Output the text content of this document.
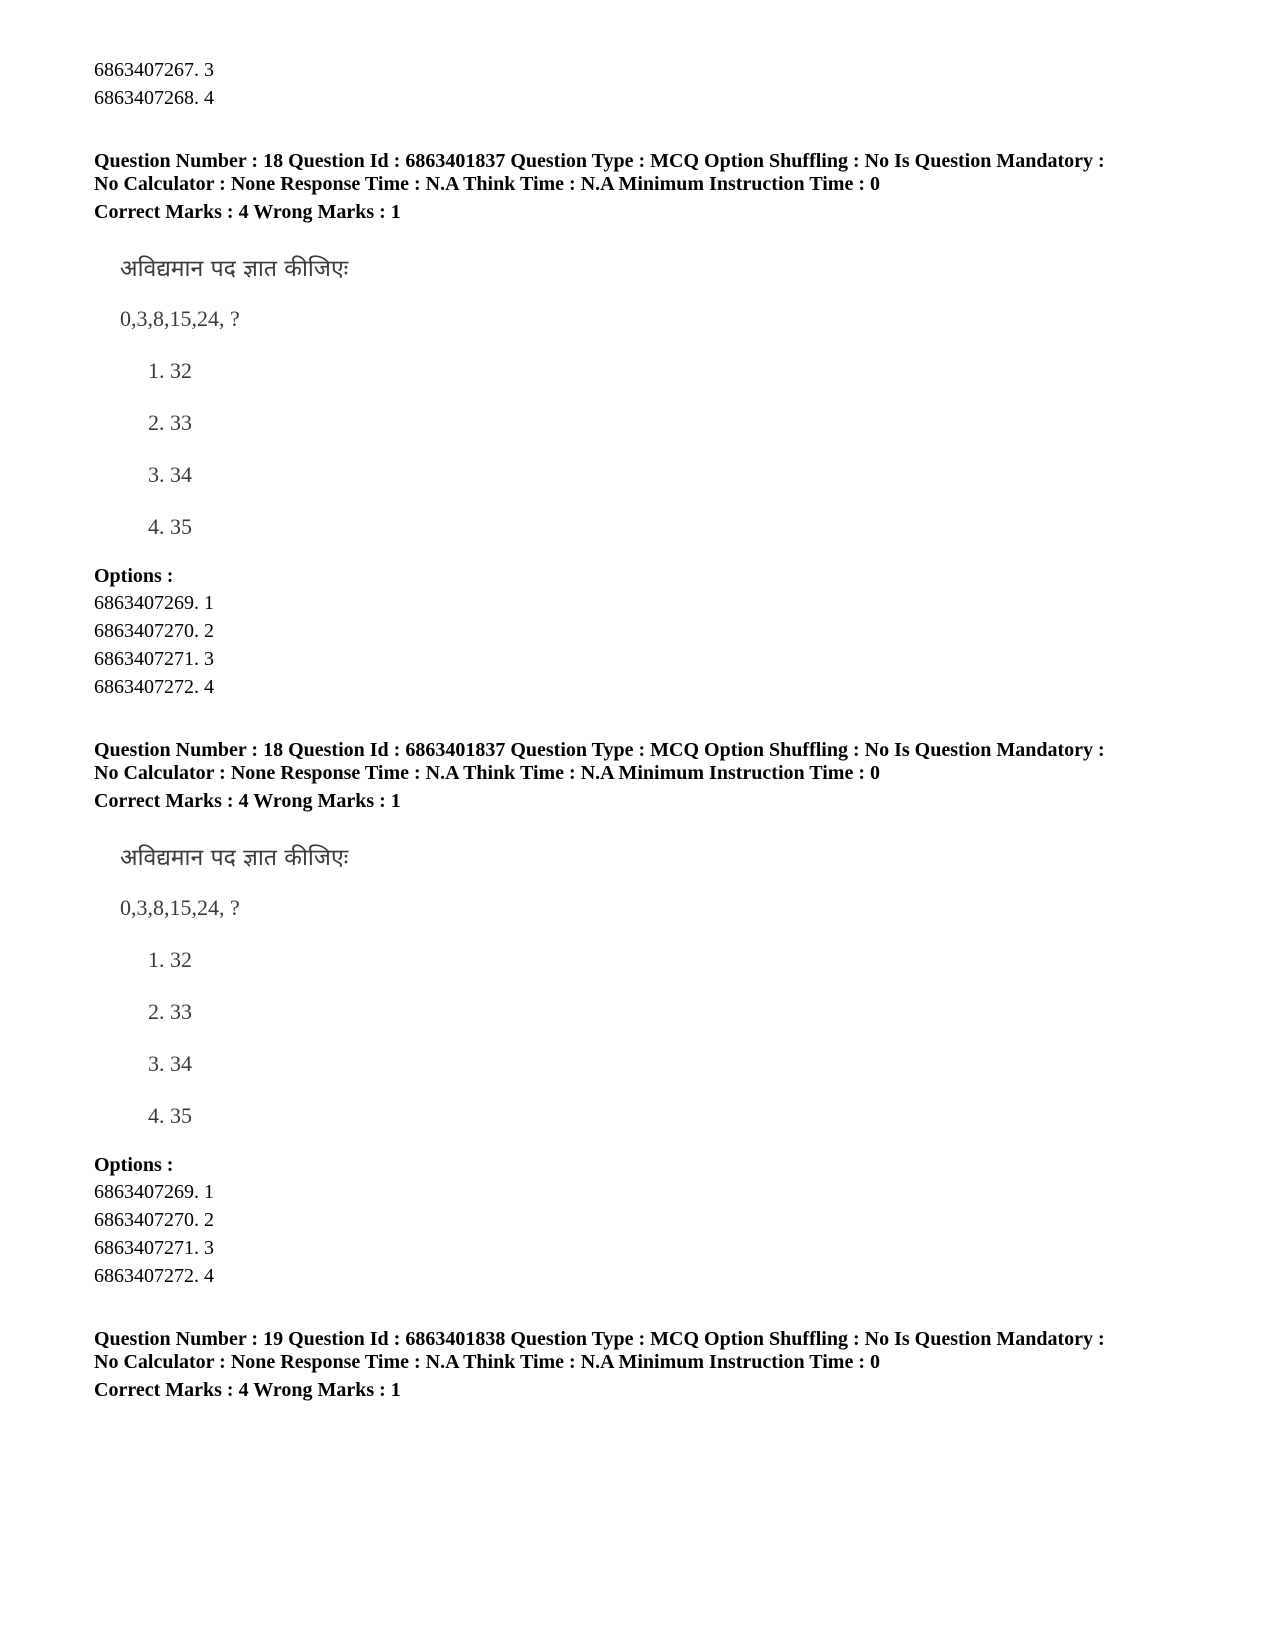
6863407267. 3
6863407268. 4
Question Number : 18 Question Id : 6863401837 Question Type : MCQ Option Shuffling : No Is Question Mandatory :
No Calculator : None Response Time : N.A Think Time : N.A Minimum Instruction Time : 0
Correct Marks : 4 Wrong Marks : 1
अविद्यमान पद ज्ञात कीजिएः
0,3,8,15,24, ?
1. 32
2. 33
3. 34
4. 35
Options :
6863407269. 1
6863407270. 2
6863407271. 3
6863407272. 4
Question Number : 18 Question Id : 6863401837 Question Type : MCQ Option Shuffling : No Is Question Mandatory :
No Calculator : None Response Time : N.A Think Time : N.A Minimum Instruction Time : 0
Correct Marks : 4 Wrong Marks : 1
अविद्यमान पद ज्ञात कीजिएः
0,3,8,15,24, ?
1. 32
2. 33
3. 34
4. 35
Options :
6863407269. 1
6863407270. 2
6863407271. 3
6863407272. 4
Question Number : 19 Question Id : 6863401838 Question Type : MCQ Option Shuffling : No Is Question Mandatory :
No Calculator : None Response Time : N.A Think Time : N.A Minimum Instruction Time : 0
Correct Marks : 4 Wrong Marks : 1
